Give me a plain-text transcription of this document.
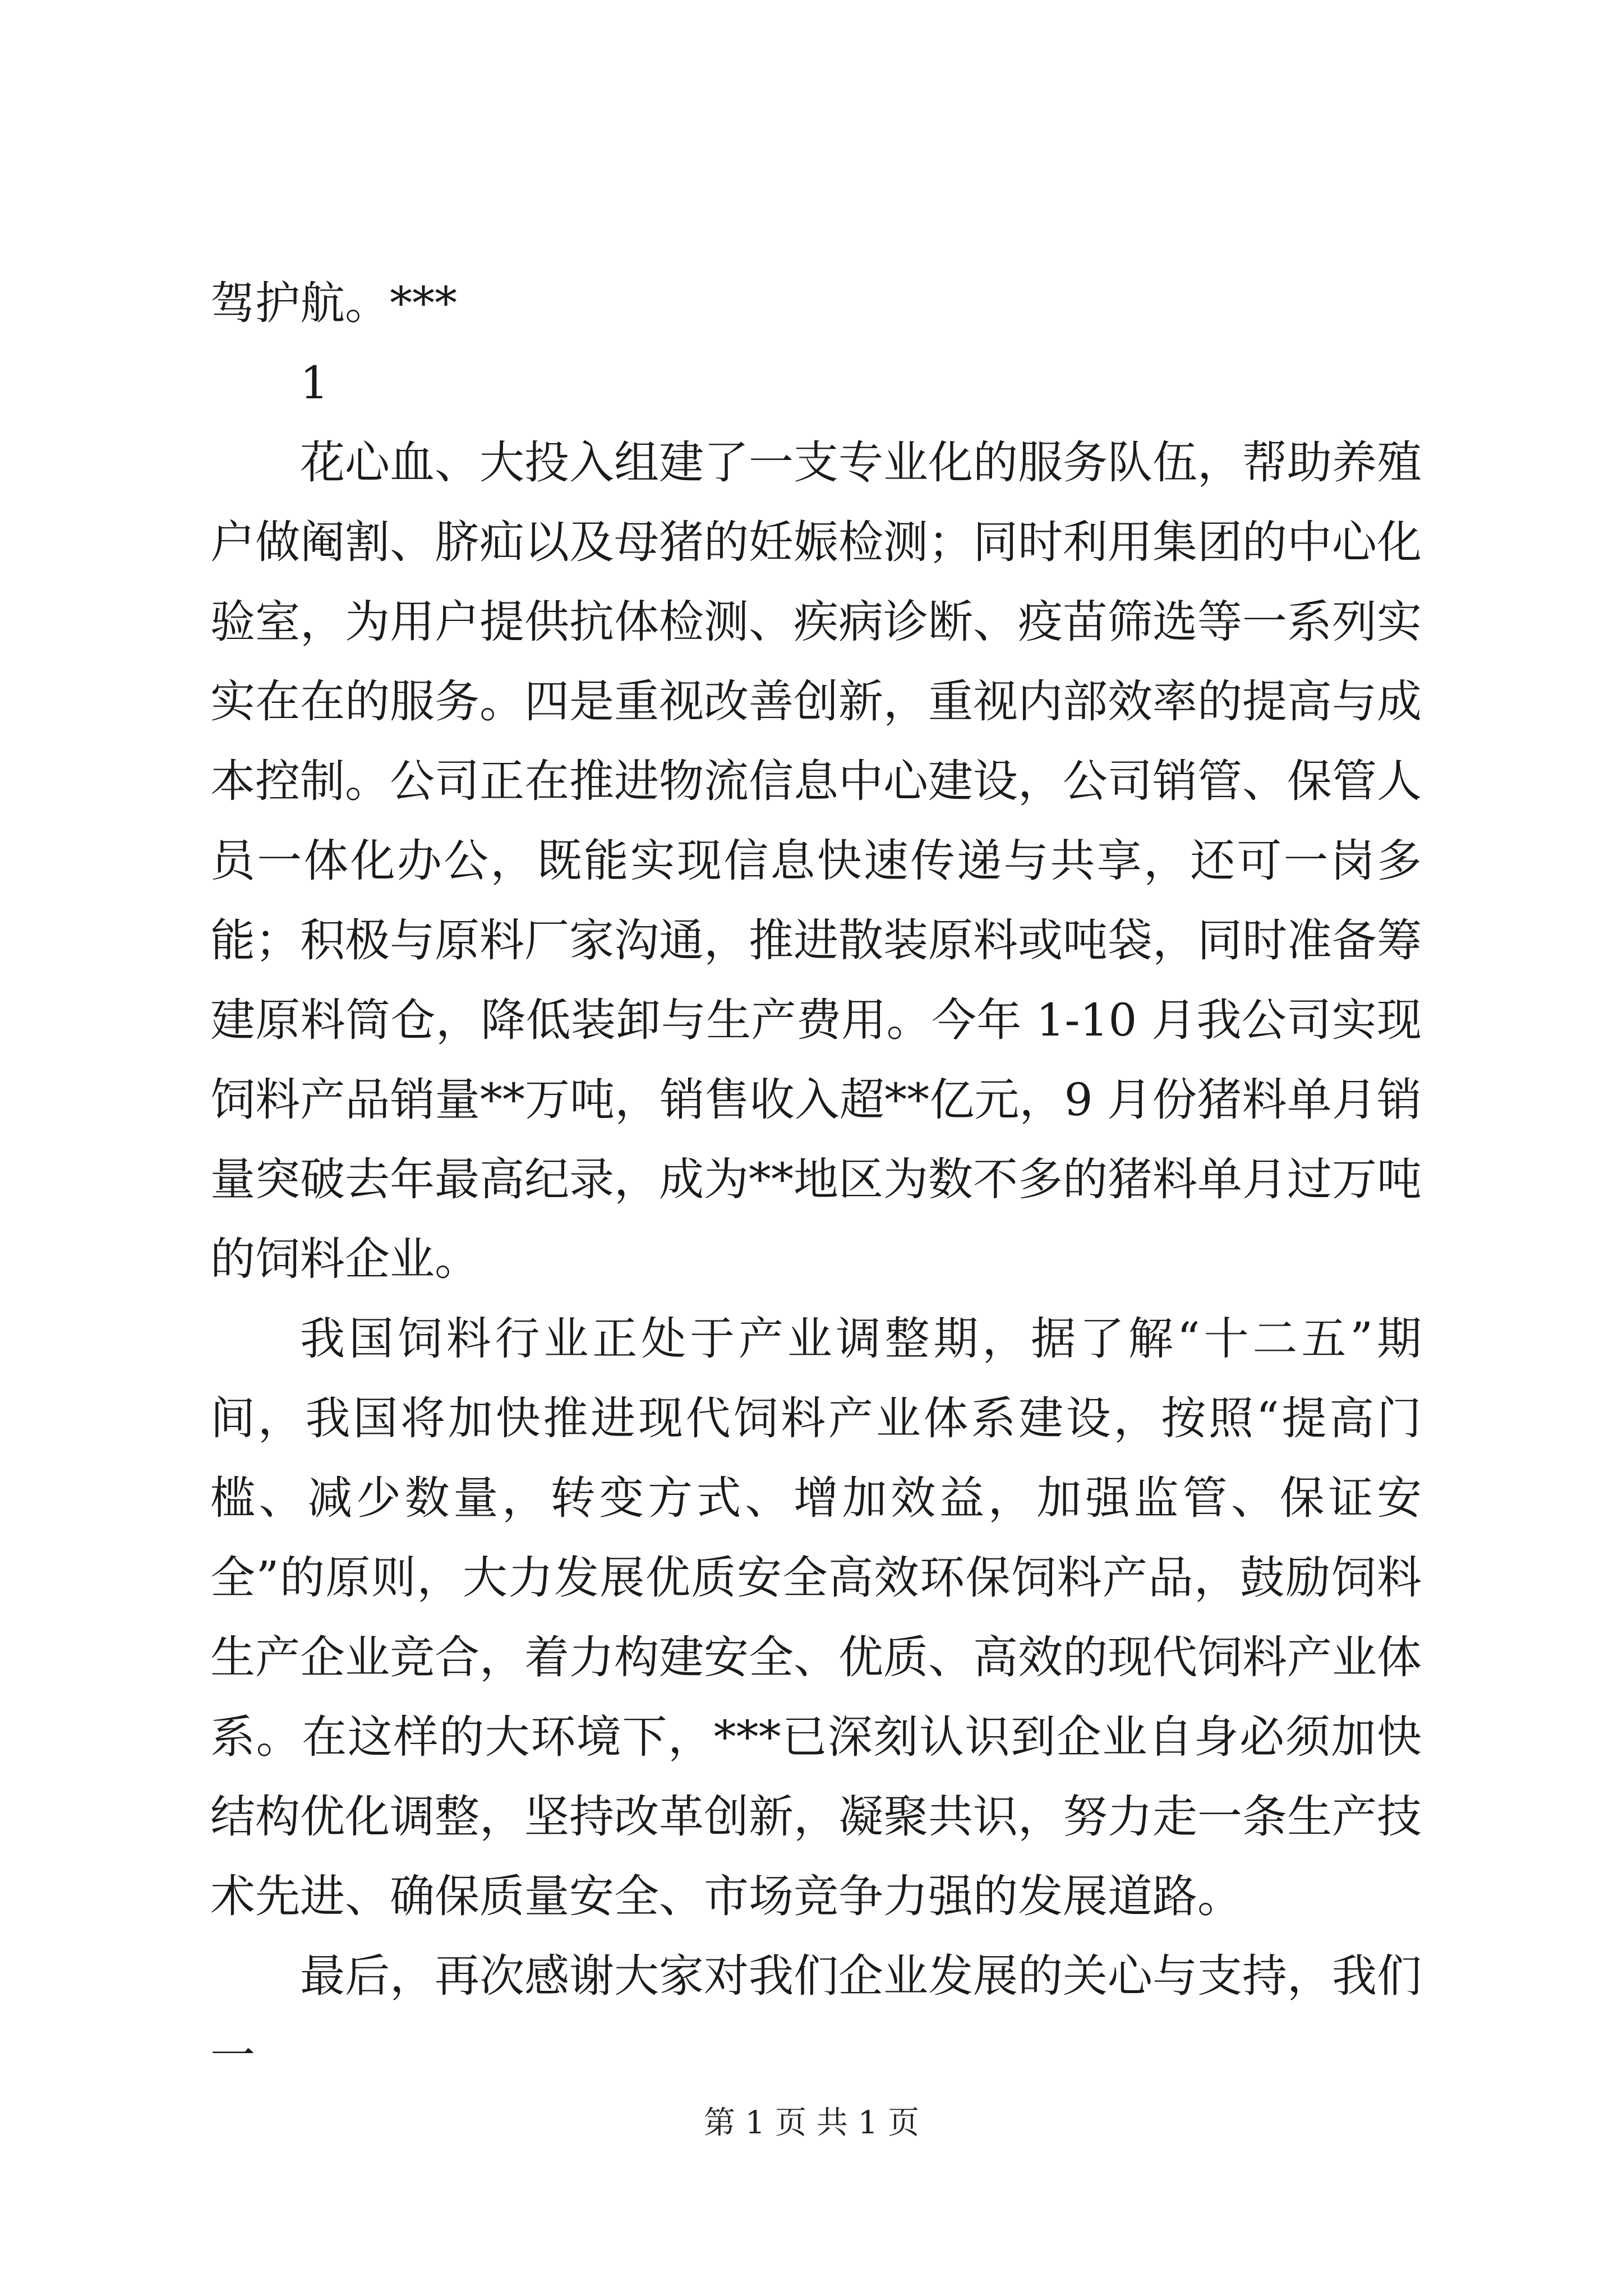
驾护航。***

1

花心血、大投入组建了一支专业化的服务队伍，帮助养殖户做阉割、脐疝以及母猪的妊娠检测；同时利用集团的中心化验室，为用户提供抗体检测、疾病诊断、疫苗筛选等一系列实实在在的服务。四是重视改善创新，重视内部效率的提高与成本控制。公司正在推进物流信息中心建设，公司销管、保管人员一体化办公，既能实现信息快速传递与共享，还可一岗多能；积极与原料厂家沟通，推进散装原料或吨袋，同时准备筹建原料筒仓，降低装卸与生产费用。今年 1-10 月我公司实现饲料产品销量**万吨，销售收入超**亿元，9 月份猪料单月销量突破去年最高纪录，成为**地区为数不多的猪料单月过万吨的饲料企业。

我国饲料行业正处于产业调整期，据了解“十二五”期间，我国将加快推进现代饲料产业体系建设，按照“提高门槛、减少数量，转变方式、增加效益，加强监管、保证安全”的原则，大力发展优质安全高效环保饲料产品，鼓励饲料生产企业竞合，着力构建安全、优质、高效的现代饲料产业体系。在这样的大环境下，***已深刻认识到企业自身必须加快结构优化调整，坚持改革创新，凝聚共识，努力走一条生产技术先进、确保质量安全、市场竞争力强的发展道路。

最后，再次感谢大家对我们企业发展的关心与支持，我们一

第 1 页 共 1 页
